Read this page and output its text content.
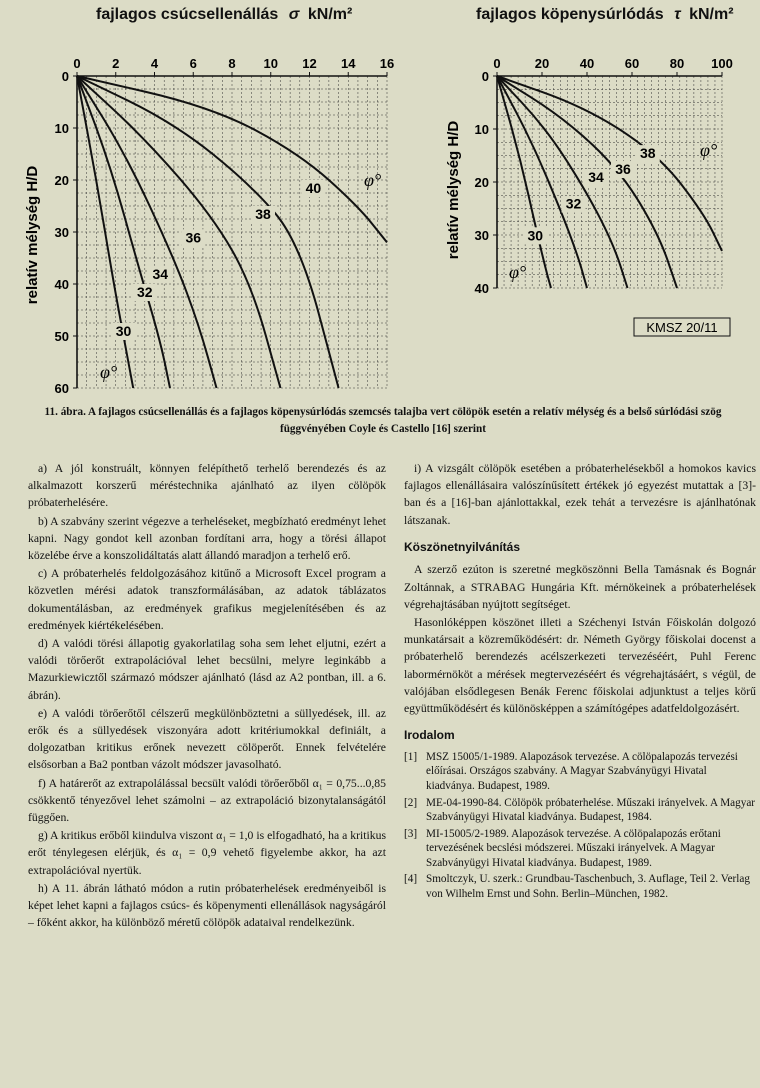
fajlagos csúcsellenállás σ kN/m²	fajlagos köpenysúrlódás τ kN/m²
relatív mélység H/D	relatív mélység H/D
0 2 4 6 8 10 12 14 16
0
10
20
30
40
50
60
30
32
34
36
38
40
0	20 40 60 80 100
0
10
20
30
40
30
32
34 36
38
φ°
φ°
φ°
φ°
KMSZ 20/11
11. ábra. A fajlagos csúcsellenállás és a fajlagos köpenysúrlódás szemcsés talajba vert cölöpök esetén a relatív mélység és a belső súrlódási szög függvényében Coyle és Castello [16] szerint

a) A jól konstruált, könnyen felépíthető terhelő berendezés és az alkalmazott korszerű méréstechnika ajánlható az ilyen cölöpök próbaterhelésére.

b) A szabvány szerint végezve a terheléseket, megbízható eredményt lehet kapni. Nagy gondot kell azonban fordítani arra, hogy a törési állapot közelébe érve a konszolidáltatás alatt állandó maradjon a terhelő erő.

c) A próbaterhelés feldolgozásához kitűnő a Microsoft Excel program a közvetlen mérési adatok transzformálásában, az adatok táblázatos dokumentálásban, az eredmények grafikus megjelenítésében és az eredmények kiértékelésében.

d) A valódi törési állapotig gyakorlatilag soha sem lehet eljutni, ezért a valódi törőerőt extrapolációval lehet becsülni, melyre leginkább a Mazurkiewicztől származó módszer ajánlható (lásd az A2 pontban, ill. a 6. ábrán).

e) A valódi törőerőtől célszerű megkülönböztetni a süllyedések, ill. az erők és a süllyedések viszonyára adott kritériumokkal definiált, a dolgozatban kritikus erőnek nevezett cölöperőt. Ennek felvételére elsősorban a Ba2 pontban vázolt módszer javasolható.

f) A határerőt az extrapolálással becsült valódi törőerőből α₁ = 0,75...0,85 csökkentő tényezővel lehet számolni – az extrapoláció bizonytalanságától függően.

g) A kritikus erőből kiindulva viszont α₁ = 1,0 is elfogadható, ha a kritikus erőt ténylegesen elérjük, és α₁ = 0,9 vehető figyelembe akkor, ha azt extrapolációval nyertük.

h) A 11. ábrán látható módon a rutin próbaterhelések eredményeiből is képet lehet kapni a fajlagos csúcs- és köpenymenti ellenállások nagyságáról – főként akkor, ha különböző méretű cölöpök adataival rendelkezünk.

i) A vizsgált cölöpök esetében a próbaterhelésekből a homokos kavics fajlagos ellenállásaira valószínűsített értékek jó egyezést mutattak a [3]-ban és a [16]-ban ajánlottakkal, ezek tehát a tervezésre is ajánlhatónak látszanak.

Köszönetnyilvánítás

A szerző ezúton is szeretné megköszönni Bella Tamásnak és Bognár Zoltánnak, a STRABAG Hungária Kft. mérnökeinek a próbaterhelések végrehajtásában nyújtott segítséget.

Hasonlóképpen köszönet illeti a Széchenyi István Főiskolán dolgozó munkatársait a közreműködésért: dr. Németh György főiskolai docenst a próbaterhelő berendezés acélszerkezeti tervezéséért, Puhl Ferenc labormérnököt a mérések megtervezéséért és végrehajtásáért, s végül, de valójában elsődlegesen Benák Ferenc főiskolai adjunktust a teljes körű együttműködésért és különösképpen a számítógépes adatfeldolgozásért.

Irodalom
[1] MSZ 15005/1-1989. Alapozások tervezése. A cölöpalapozás tervezési előírásai. Országos szabvány. A Magyar Szabványügyi Hivatal kiadványa. Budapest, 1989.
[2] ME-04-1990-84. Cölöpök próbaterhelése. Műszaki irányelvek. A Magyar Szabványügyi Hivatal kiadványa. Budapest, 1984.
[3] MI-15005/2-1989. Alapozások tervezése. A cölöpalapozás erőtani tervezésének becslési módszerei. Műszaki irányelvek. A Magyar Szabványügyi Hivatal kiadványa. Budapest, 1989.
[4] Smoltczyk, U. szerk.: Grundbau-Taschenbuch, 3. Auflage, Teil 2. Verlag von Wilhelm Ernst und Sohn. Berlin–München, 1982.
